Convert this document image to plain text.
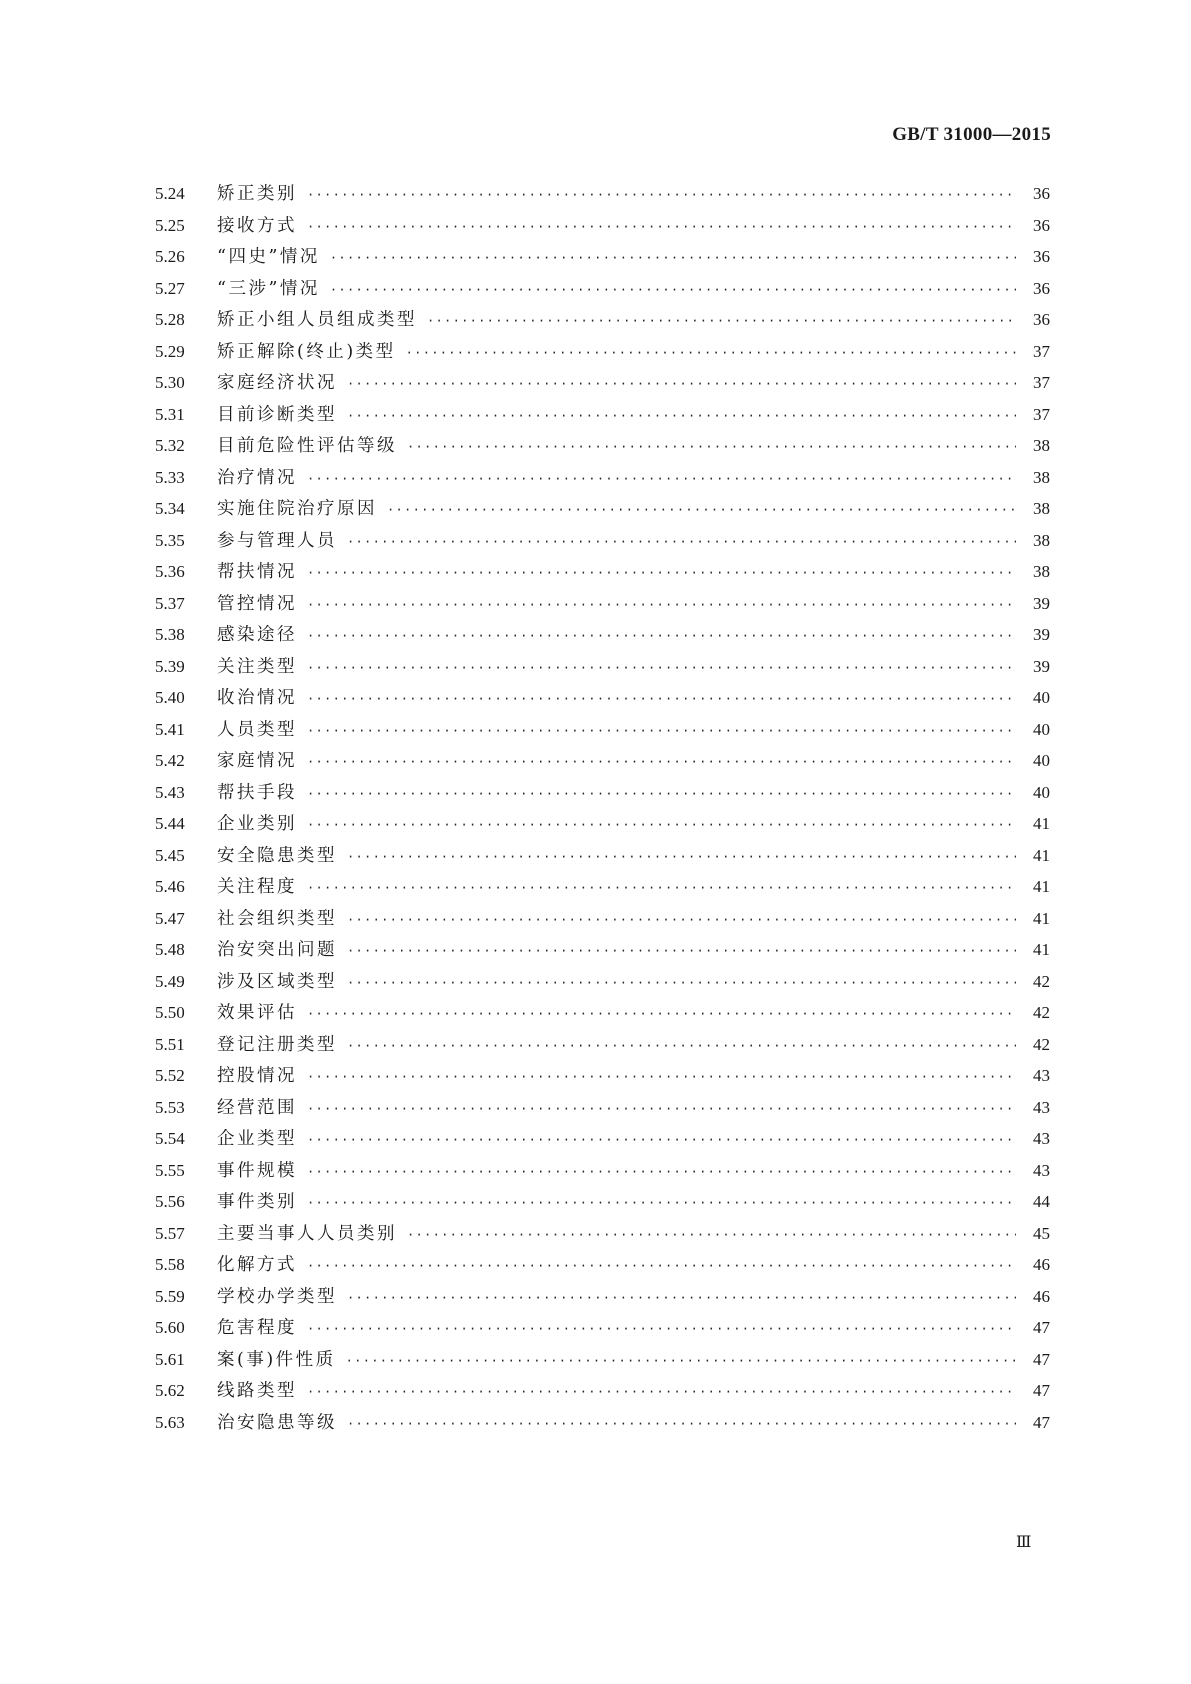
GB/T 31000—2015
5.24	矫正类别 ·····	36
5.25	接收方式 ·····	36
5.26	“四史”情况 ·····	36
5.27	“三涉”情况 ·····	36
5.28	矫正小组人员组成类型 ·····	36
5.29	矫正解除(终止)类型 ·····	37
5.30	家庭经济状况 ·····	37
5.31	目前诊断类型 ·····	37
5.32	目前危险性评估等级 ·····	38
5.33	治疗情况 ·····	38
5.34	实施住院治疗原因 ·····	38
5.35	参与管理人员 ·····	38
5.36	帮扶情况 ·····	38
5.37	管控情况 ·····	39
5.38	感染途径 ·····	39
5.39	关注类型 ·····	39
5.40	收治情况 ·····	40
5.41	人员类型 ·····	40
5.42	家庭情况 ·····	40
5.43	帮扶手段 ·····	40
5.44	企业类别 ·····	41
5.45	安全隐患类型 ·····	41
5.46	关注程度 ·····	41
5.47	社会组织类型 ·····	41
5.48	治安突出问题 ·····	41
5.49	涉及区域类型 ·····	42
5.50	效果评估 ·····	42
5.51	登记注册类型 ·····	42
5.52	控股情况 ·····	43
5.53	经营范围 ·····	43
5.54	企业类型 ·····	43
5.55	事件规模 ·····	43
5.56	事件类别 ·····	44
5.57	主要当事人人员类别 ·····	45
5.58	化解方式 ·····	46
5.59	学校办学类型 ·····	46
5.60	危害程度 ·····	47
5.61	案(事)件性质 ·····	47
5.62	线路类型 ·····	47
5.63	治安隐患等级 ·····	47
Ⅲ
